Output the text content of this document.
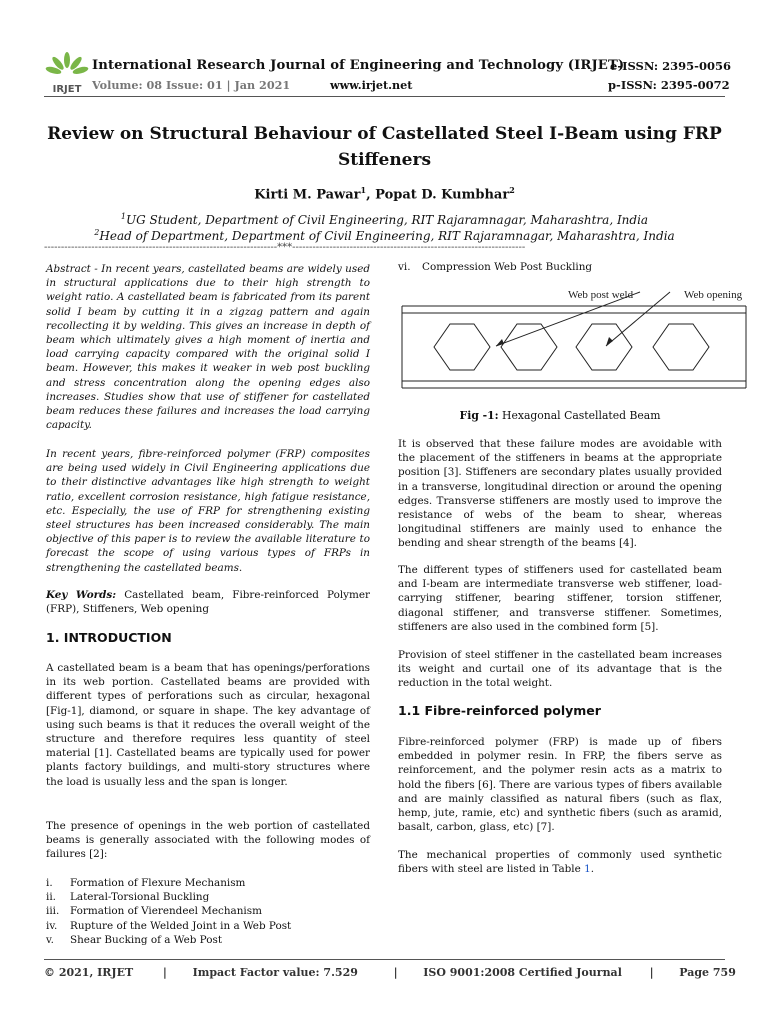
IRJET
International Research Journal of Engineering and Technology (IRJET)
Volume: 08 Issue: 01 | Jan 2021	www.irjet.net
e-ISSN: 2395-0056
p-ISSN: 2395-0072
Review on Structural Behaviour of Castellated Steel I-Beam using FRP
Stiffeners
Kirti M. Pawar$^1$, Popat D. Kumbhar$^2$
$^1$UG Student, Department of Civil Engineering, RIT Rajaramnagar, Maharashtra, India
$^2$Head of Department, Department of Civil Engineering, RIT Rajaramnagar, Maharashtra, India
---------------------------------------------------------------------***---------------------------------------------------------------------
Abstract - In recent years, castellated beams are widely used in structural applications due to their high strength to weight ratio. A castellated beam is fabricated from its parent solid I beam by cutting it in a zigzag pattern and again recollecting it by welding. This gives an increase in depth of beam which ultimately gives a high moment of inertia and load carrying capacity compared with the original solid I beam. However, this makes it weaker in web post buckling and stress concentration along the opening edges also increases. Studies show that use of stiffener for castellated beam reduces these failures and increases the load carrying capacity.
In recent years, fibre-reinforced polymer (FRP) composites are being used widely in Civil Engineering applications due to their distinctive advantages like high strength to weight ratio, excellent corrosion resistance, high fatigue resistance, etc. Especially, the use of FRP for strengthening existing steel structures has been increased considerably. The main objective of this paper is to review the available literature to forecast the scope of using various types of FRPs in strengthening the castellated beams.
Key Words: Castellated beam, Fibre-reinforced Polymer (FRP), Stiffeners, Web opening
1. INTRODUCTION
A castellated beam is a beam that has openings/perforations in its web portion. Castellated beams are provided with different types of perforations such as circular, hexagonal [Fig-1], diamond, or square in shape. The key advantage of using such beams is that it reduces the overall weight of the structure and therefore requires less quantity of steel material [1]. Castellated beams are typically used for power plants factory buildings, and multi-story structures where the load is usually less and the span is longer.
The presence of openings in the web portion of castellated beams is generally associated with the following modes of failures [2]:
i. Formation of Flexure Mechanism
ii. Lateral-Torsional Buckling
iii. Formation of Vierendeel Mechanism
iv. Rupture of the Welded Joint in a Web Post
v. Shear Bucking of a Web Post
vi. Compression Web Post Buckling
Web post weld	Web opening
Fig -1: Hexagonal Castellated Beam
It is observed that these failure modes are avoidable with the placement of the stiffeners in beams at the appropriate position [3]. Stiffeners are secondary plates usually provided in a transverse, longitudinal direction or around the opening edges. Transverse stiffeners are mostly used to improve the resistance of webs of the beam to shear, whereas longitudinal stiffeners are mainly used to enhance the bending and shear strength of the beams [4].
The different types of stiffeners used for castellated beam and I-beam are intermediate transverse web stiffener, load-carrying stiffener, bearing stiffener, torsion stiffener, diagonal stiffener, and transverse stiffener. Sometimes, stiffeners are also used in the combined form [5].
Provision of steel stiffener in the castellated beam increases its weight and curtail one of its advantage that is the reduction in the total weight.
1.1 Fibre-reinforced polymer
Fibre-reinforced polymer (FRP) is made up of fibers embedded in polymer resin. In FRP, the fibers serve as reinforcement, and the polymer resin acts as a matrix to hold the fibers [6]. There are various types of fibers available and are mainly classified as natural fibers (such as flax, hemp, jute, ramie, etc) and synthetic fibers (such as aramid, basalt, carbon, glass, etc) [7].
The mechanical properties of commonly used synthetic fibers with steel are listed in Table 1.
© 2021, IRJET	| Impact Factor value: 7.529	| ISO 9001:2008 Certified Journal	| Page 759
